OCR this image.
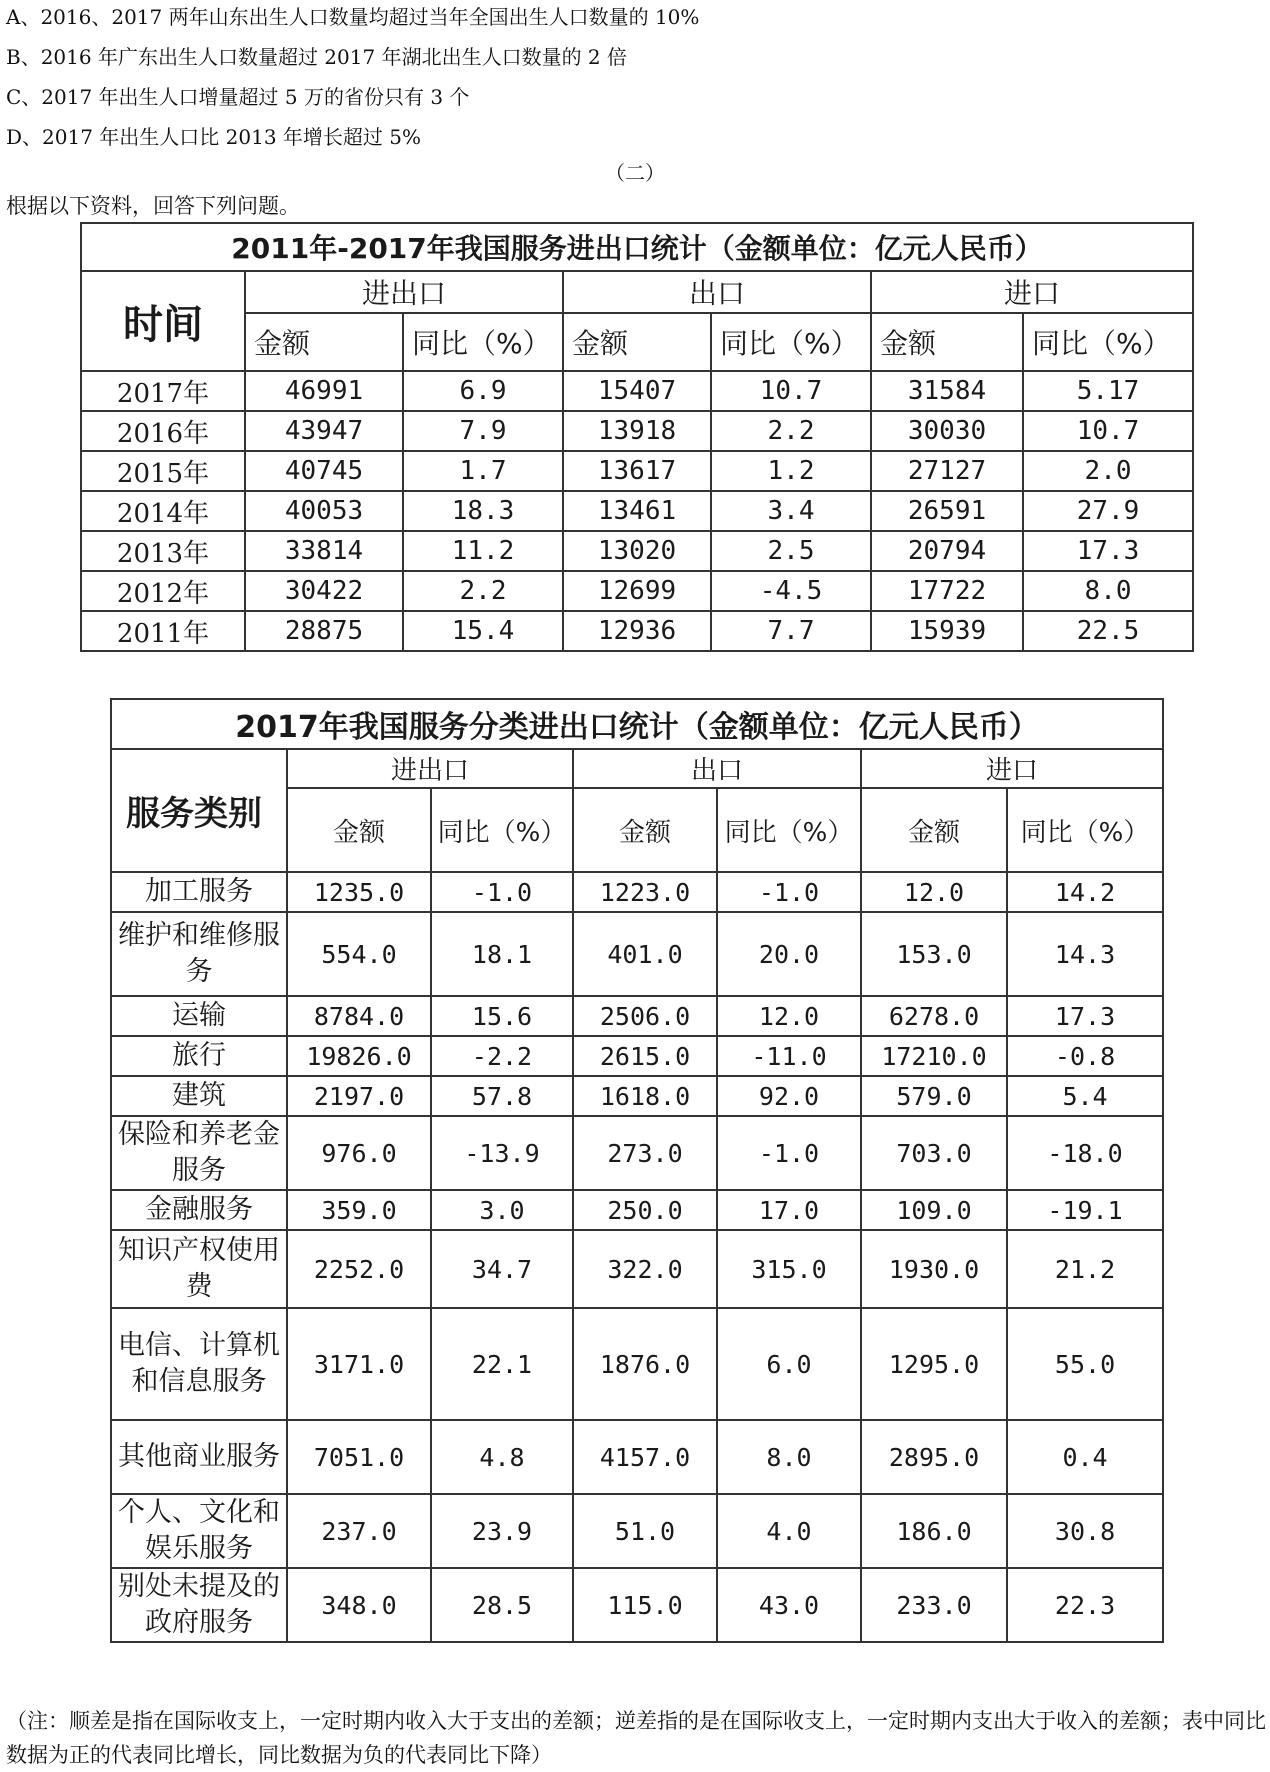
A、2016、2017 两年山东出生人口数量均超过当年全国出生人口数量的 10%
B、2016 年广东出生人口数量超过 2017 年湖北出生人口数量的 2 倍
C、2017 年出生人口增量超过 5 万的省份只有 3 个
D、2017 年出生人口比 2013 年增长超过 5%
（二）
根据以下资料，回答下列问题。
2011年-2017年我国服务进出口统计（金额单位：亿元人民币）						
时间	进出口		出口		进口	
	金额	同比（%）	金额	同比（%）	金额	同比（%）
2017年	46991	6.9	15407	10.7	31584	5.17
2016年	43947	7.9	13918	2.2	30030	10.7
2015年	40745	1.7	13617	1.2	27127	2.0
2014年	40053	18.3	13461	3.4	26591	27.9
2013年	33814	11.2	13020	2.5	20794	17.3
2012年	30422	2.2	12699	-4.5	17722	8.0
2011年	28875	15.4	12936	7.7	15939	22.5
2017年我国服务分类进出口统计（金额单位：亿元人民币）						
服务类别	进出口		出口		进口	
	金额	同比（%）	金额	同比（%）	金额	同比（%）
加工服务	1235.0	-1.0	1223.0	-1.0	12.0	14.2
维护和维修服务	554.0	18.1	401.0	20.0	153.0	14.3
运输	8784.0	15.6	2506.0	12.0	6278.0	17.3
旅行	19826.0	-2.2	2615.0	-11.0	17210.0	-0.8
建筑	2197.0	57.8	1618.0	92.0	579.0	5.4
保险和养老金服务	976.0	-13.9	273.0	-1.0	703.0	-18.0
金融服务	359.0	3.0	250.0	17.0	109.0	-19.1
知识产权使用费	2252.0	34.7	322.0	315.0	1930.0	21.2
电信、计算机和信息服务	3171.0	22.1	1876.0	6.0	1295.0	55.0
其他商业服务	7051.0	4.8	4157.0	8.0	2895.0	0.4
个人、文化和娱乐服务	237.0	23.9	51.0	4.0	186.0	30.8
别处未提及的政府服务	348.0	28.5	115.0	43.0	233.0	22.3
（注：顺差是指在国际收支上，一定时期内收入大于支出的差额；逆差指的是在国际收支上，一定时期内支出大于收入的差额；表中同比数据为正的代表同比增长，同比数据为负的代表同比下降）
